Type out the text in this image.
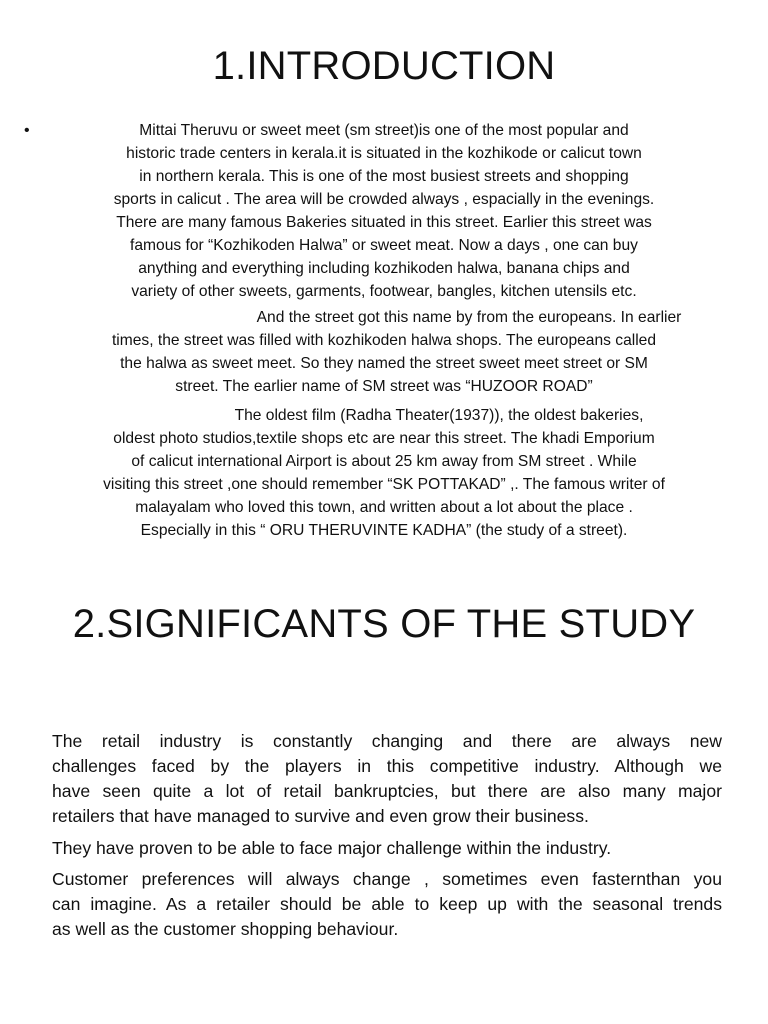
1.INTRODUCTION
•	Mittai Theruvu or sweet meet (sm street)is one of the most popular and
historic trade centers in kerala.it is situated in the kozhikode or calicut town
in northern kerala. This is one of the most busiest streets and shopping
sports in calicut . The area will be crowded always , espacially in the evenings.
There are many famous Bakeries situated in this street. Earlier this street was
famous for “Kozhikoden Halwa” or sweet meat. Now a days , one can buy
anything and everything including kozhikoden halwa, banana chips and
variety of other sweets, garments, footwear, bangles, kitchen utensils etc.
And the street got this name by from the europeans. In earlier
times, the street was filled with kozhikoden halwa shops. The europeans called
the halwa as sweet meet. So they named the street sweet meet street or SM
street. The earlier name of SM street was “HUZOOR ROAD”
The oldest film (Radha Theater(1937)), the oldest bakeries,
oldest photo studios,textile shops etc are near this street. The khadi Emporium
of calicut international Airport is about 25 km away from SM street . While
visiting this street ,one should remember “SK POTTAKAD” ,. The famous writer of
malayalam who loved this town, and written about a lot about the place .
Especially in this “ ORU THERUVINTE KADHA” (the study of a street).
2.SIGNIFICANTS OF THE STUDY
The retail industry is constantly changing and there are always new
challenges faced by the players in this competitive industry. Although we
have seen quite a lot of retail bankruptcies, but there are also many major
retailers that have managed to survive and even grow their business.
They have proven to be able to face major challenge within the industry.
Customer preferences will always change , sometimes even fasternthan you
can imagine. As a retailer should be able to keep up with the seasonal trends
as well as the customer shopping behaviour.
